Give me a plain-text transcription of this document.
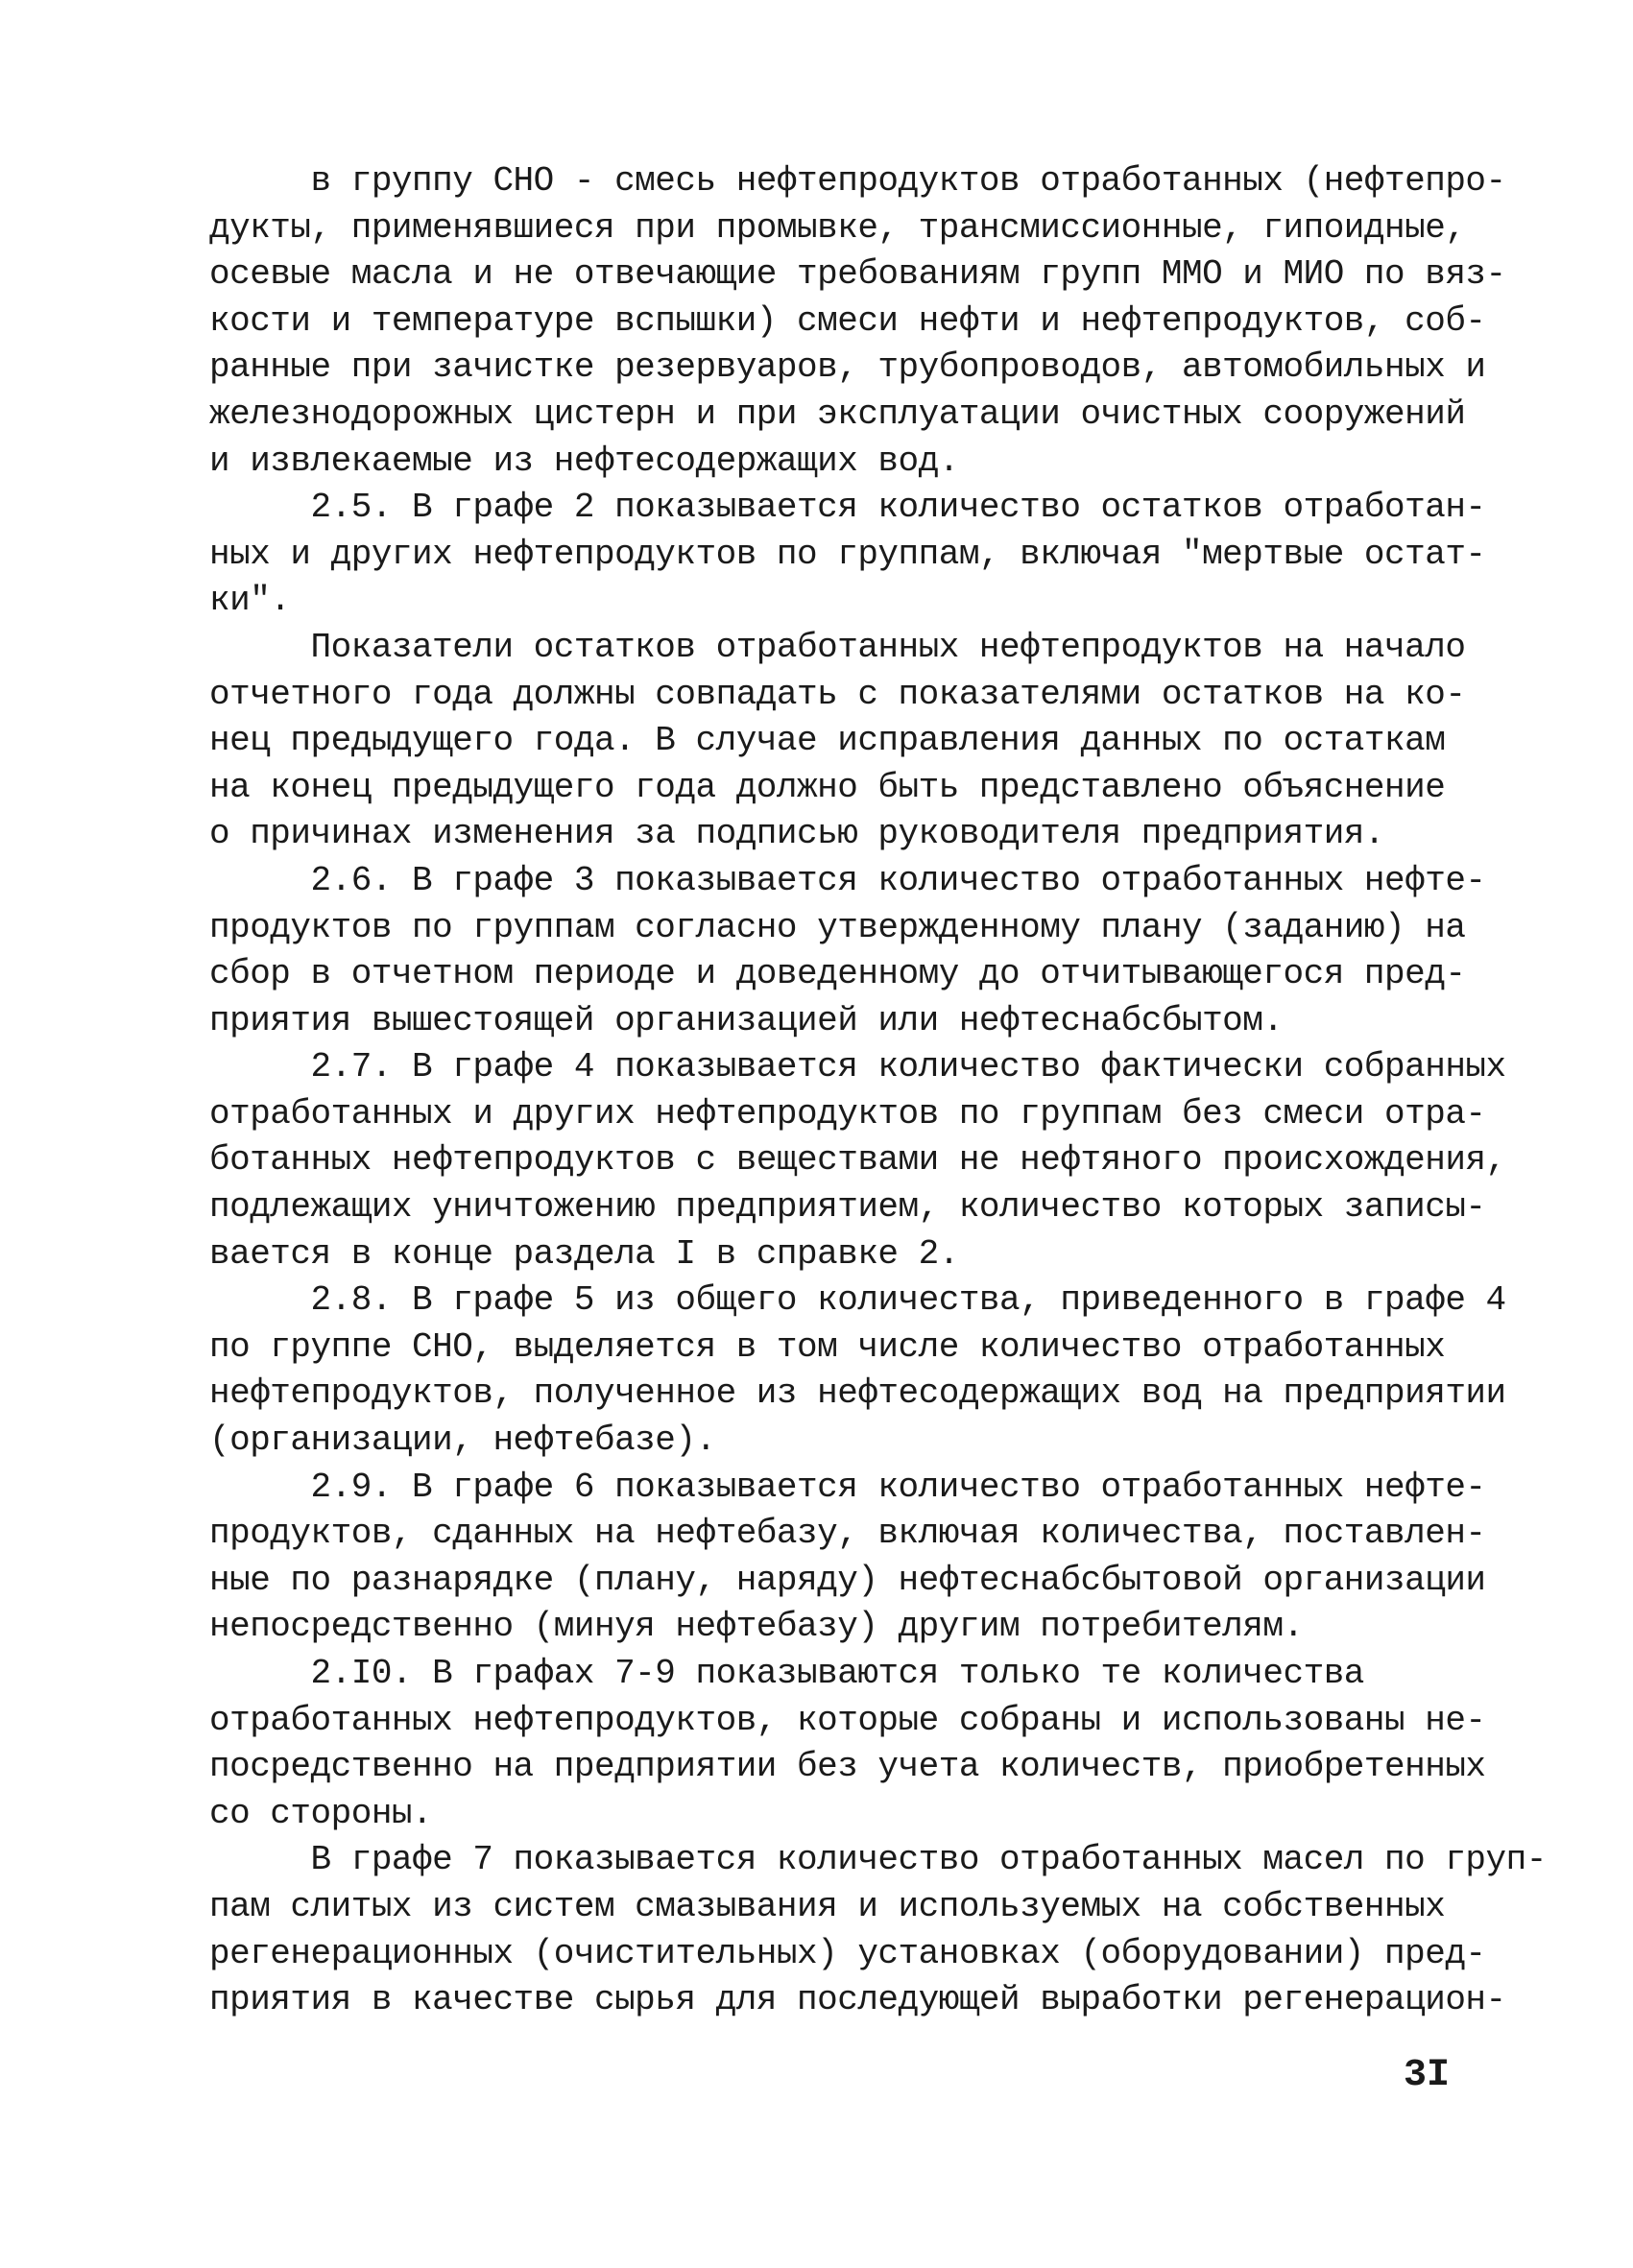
в группу СНО - смесь нефтепродуктов отработанных (нефтепро-
дукты, применявшиеся при промывке, трансмиссионные, гипоидные,
осевые масла и не отвечающие требованиям групп ММО и МИО по вяз-
кости и температуре вспышки) смеси нефти и нефтепродуктов, соб-
ранные при зачистке резервуаров, трубопроводов, автомобильных и
железнодорожных цистерн и при эксплуатации очистных сооружений
и извлекаемые из нефтесодержащих вод.
2.5. В графе 2 показывается количество остатков отработан-
ных и других нефтепродуктов по группам, включая "мертвые остат-
ки".
Показатели остатков отработанных нефтепродуктов на начало
отчетного года должны совпадать с показателями остатков на ко-
нец предыдущего года. В случае исправления данных по остаткам
на конец предыдущего года должно быть представлено объяснение
о причинах изменения за подписью руководителя предприятия.
2.6. В графе 3 показывается количество отработанных нефте-
продуктов по группам согласно утвержденному плану (заданию) на
сбор в отчетном периоде и доведенному до отчитывающегося пред-
приятия вышестоящей организацией или нефтеснабсбытом.
2.7. В графе 4 показывается количество фактически собранных
отработанных и других нефтепродуктов по группам без смеси отра-
ботанных нефтепродуктов с веществами не нефтяного происхождения,
подлежащих уничтожению предприятием, количество которых записы-
вается в конце раздела I в справке 2.
2.8. В графе 5 из общего количества, приведенного в графе 4
по группе СНО, выделяется в том числе количество отработанных
нефтепродуктов, полученное из нефтесодержащих вод на предприятии
(организации, нефтебазе).
2.9. В графе 6 показывается количество отработанных нефте-
продуктов, сданных на нефтебазу, включая количества, поставлен-
ные по разнарядке (плану, наряду) нефтеснабсбытовой организации
непосредственно (минуя нефтебазу) другим потребителям.
2.I0. В графах 7-9 показываются только те количества
отработанных нефтепродуктов, которые собраны и использованы не-
посредственно на предприятии без учета количеств, приобретенных
со стороны.
В графе 7 показывается количество отработанных масел по груп-
пам слитых из систем смазывания и используемых на собственных
регенерационных (очистительных) установках (оборудовании) пред-
приятия в качестве сырья для последующей выработки регенерацион-
3I
